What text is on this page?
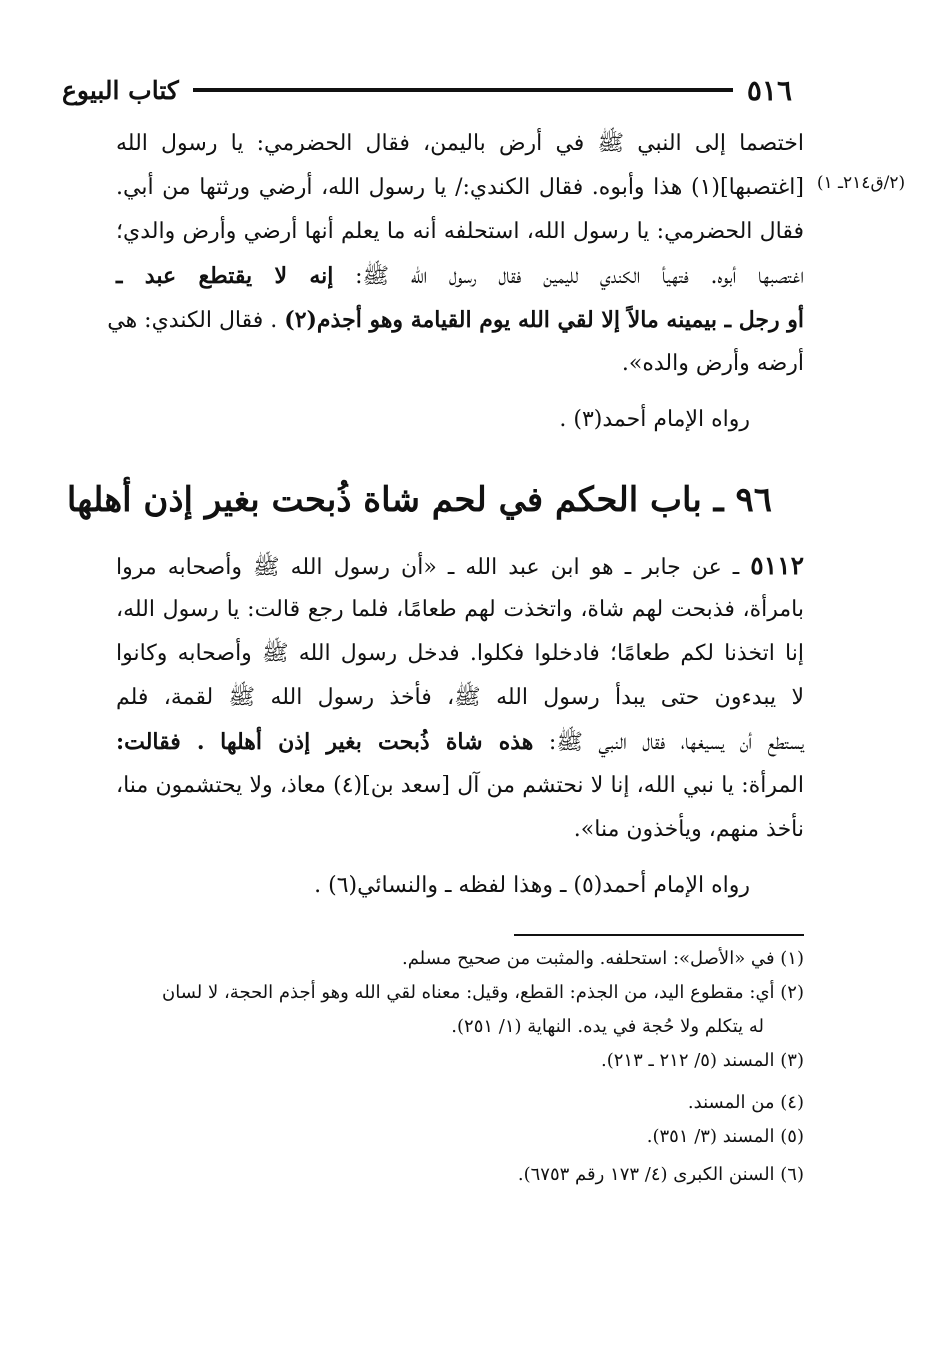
٥١٦
كتاب البيوع
(٢/ق٢١٤ـ ١)
اختصما إلى النبي ﷺ في أرض باليمن، فقال الحضرمي: يا رسول الله
[اغتصبها](١) هذا وأبوه. فقال الكندي:/ يا رسول الله، أرضي ورثتها من أبي.
فقال الحضرمي: يا رسول الله، استحلفه أنه ما يعلم أنها أرضي وأرض والدي؛
اغتصبها أبوه. فتهيأ الكندي لليمين فقال رسول الله ﷺ: إنه لا يقتطع عبد ـ
أو رجل ـ بيمينه مالاً إلا لقي الله يوم القيامة وهو أجذم(٢) . فقال الكندي: هي
أرضه وأرض والده».
رواه الإمام أحمد(٣) .
٩٦ ـ باب الحكم في لحم شاة ذُبحت بغير إذن أهلها
٥١١٢ ـ عن جابر ـ هو ابن عبد الله ـ «أن رسول الله ﷺ وأصحابه مروا
بامرأة، فذبحت لهم شاة، واتخذت لهم طعامًا، فلما رجع قالت: يا رسول الله،
إنا اتخذنا لكم طعامًا؛ فادخلوا فكلوا. فدخل رسول الله ﷺ وأصحابه وكانوا
لا يبدءون حتى يبدأ رسول الله ﷺ، فأخذ رسول الله ﷺ لقمة، فلم
يستطع أن يسيغها، فقال النبي ﷺ: هذه شاة ذُبحت بغير إذن أهلها . فقالت:
المرأة: يا نبي الله، إنا لا نحتشم من آل [سعد بن](٤) معاذ، ولا يحتشمون منا،
نأخذ منهم، ويأخذون منا».
رواه الإمام أحمد(٥) ـ وهذا لفظه ـ والنسائي(٦) .
(١) في «الأصل»: استحلفه. والمثبت من صحيح مسلم.
(٢) أي: مقطوع اليد، من الجذم: القطع، وقيل: معناه لقي الله وهو أجذم الحجة، لا لسان
له يتكلم ولا حُجة في يده. النهاية (١/ ٢٥١).
(٣) المسند (٥/ ٢١٢ ـ ٢١٣).
(٤) من المسند.
(٥) المسند (٣/ ٣٥١).
(٦) السنن الكبرى (٤/ ١٧٣ رقم ٦٧٥٣).
